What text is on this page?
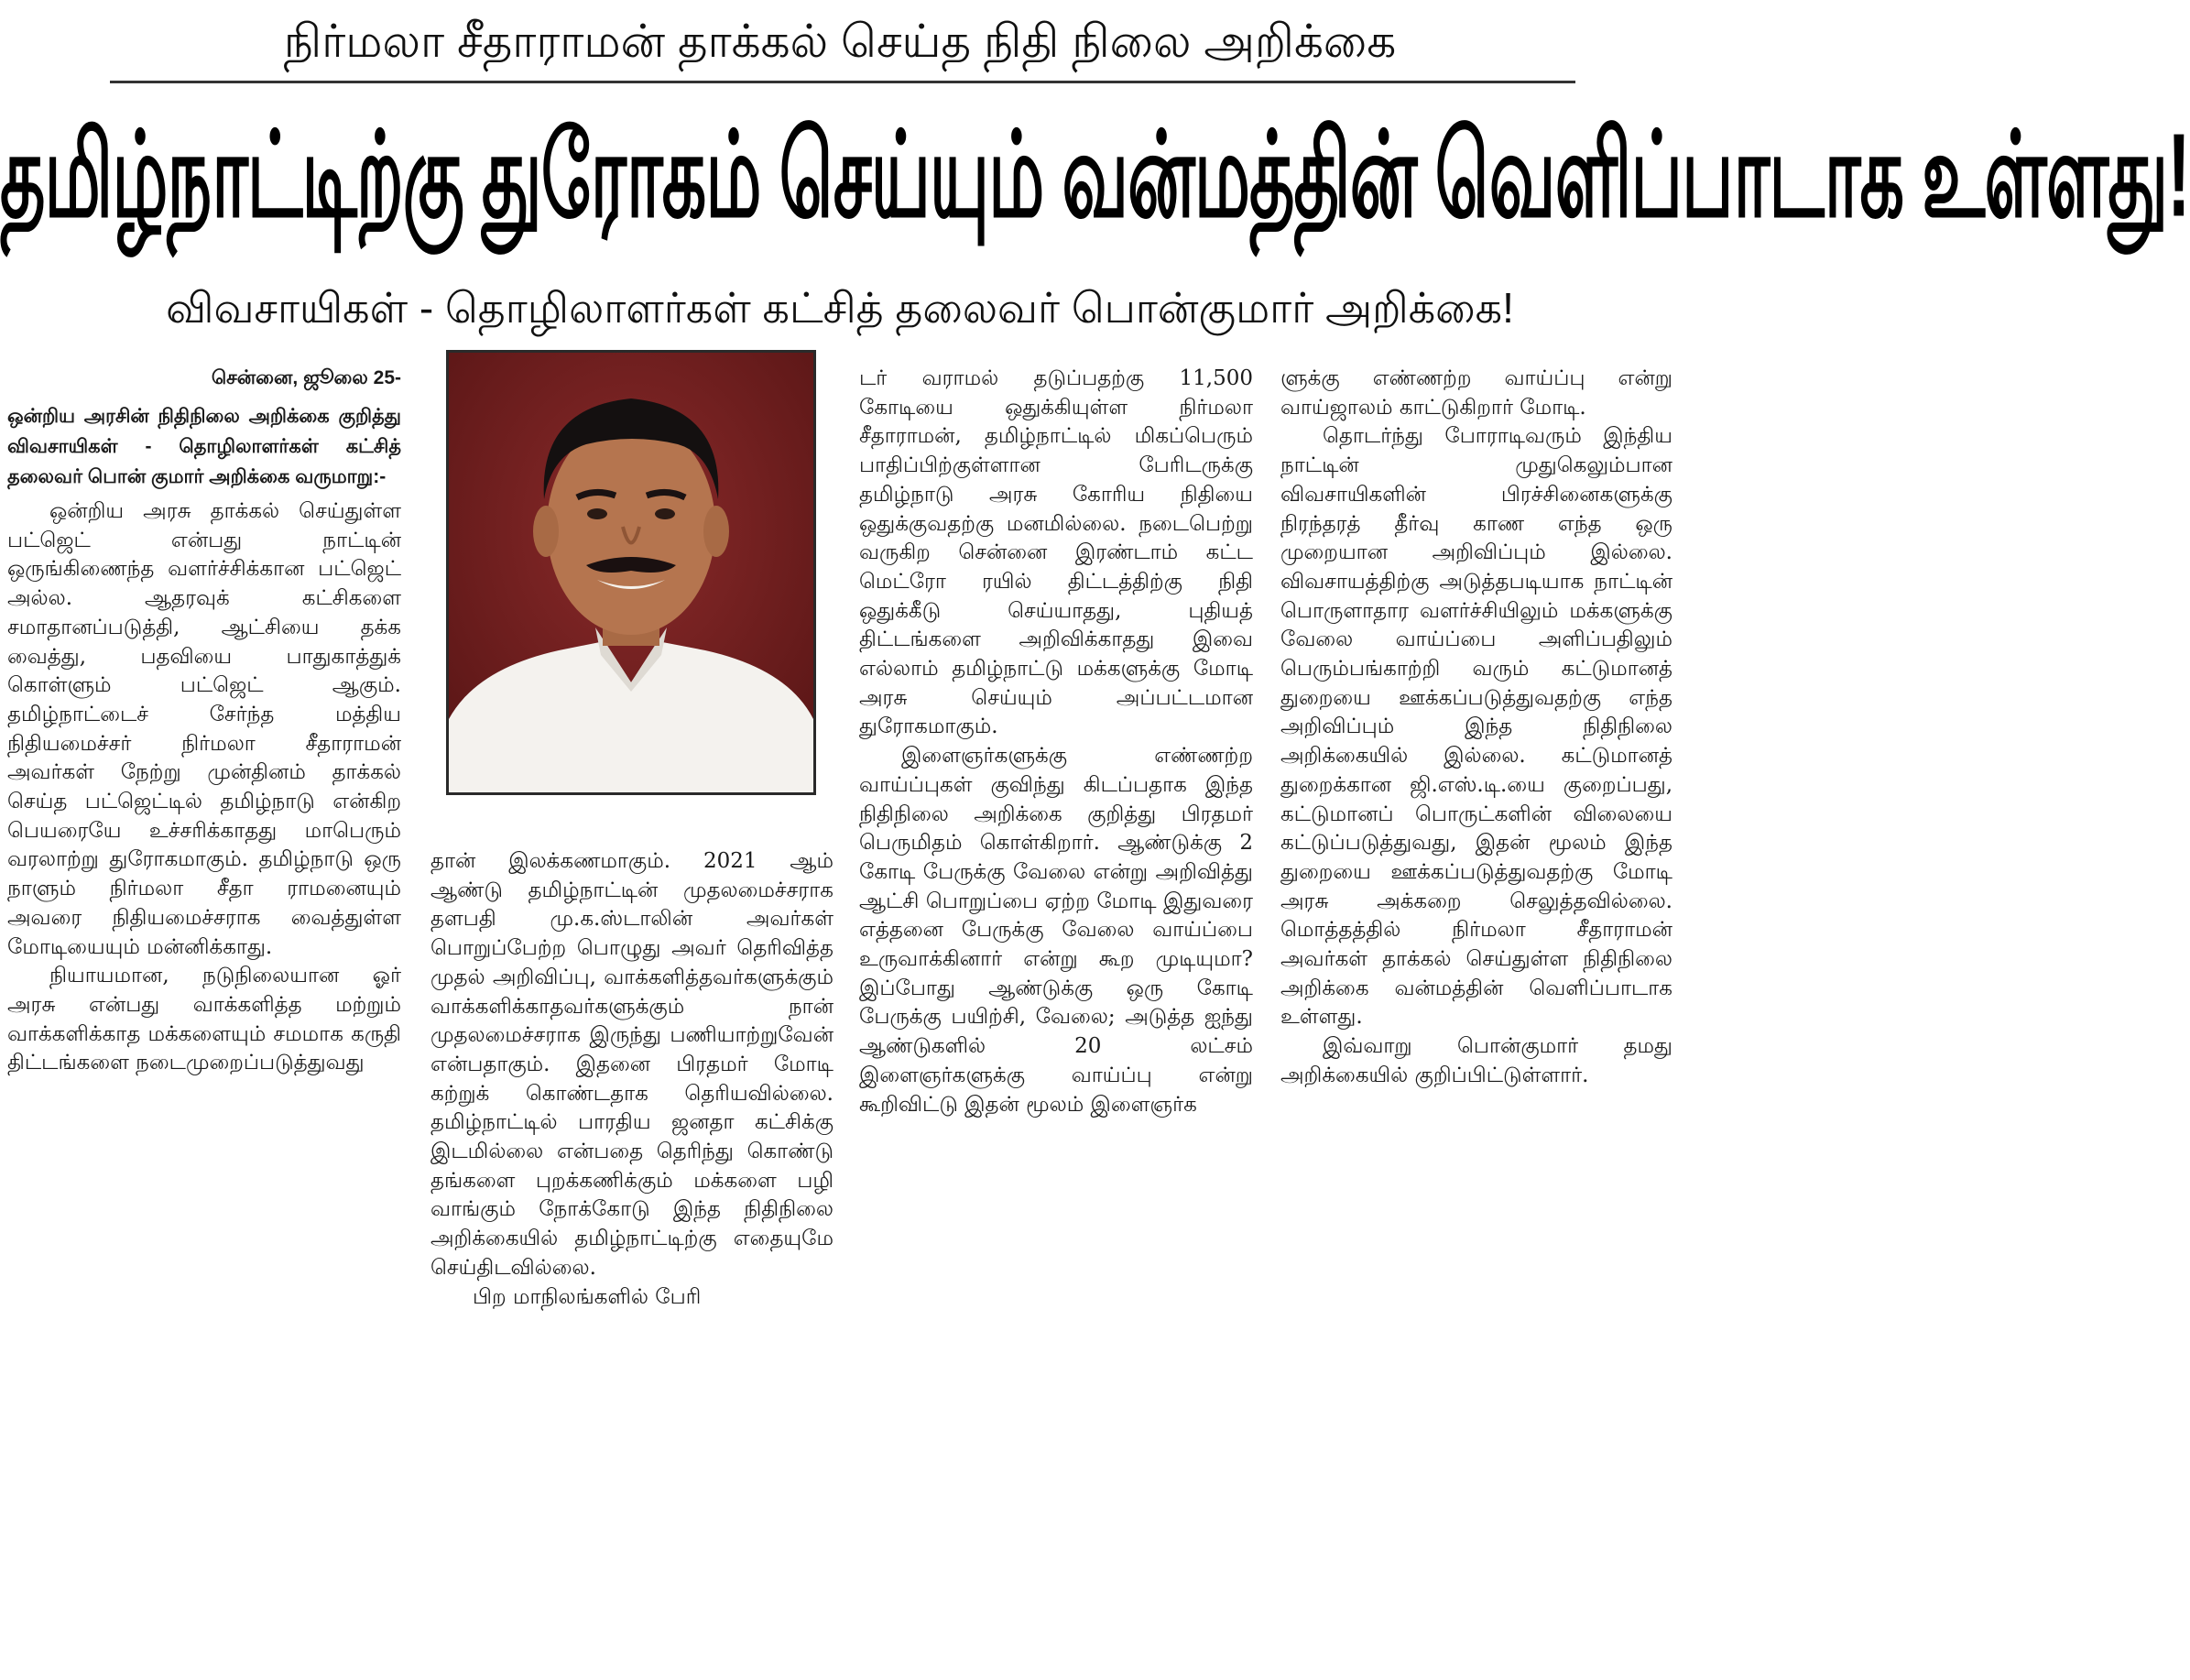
நிர்மலா சீதாராமன் தாக்கல் செய்த நிதி நிலை அறிக்கை
தமிழ்நாட்டிற்கு துரோகம் செய்யும் வன்மத்தின் வெளிப்பாடாக உள்ளது!
விவசாயிகள் - தொழிலாளர்கள் கட்சித் தலைவர் பொன்குமார் அறிக்கை!
சென்னை, ஜூலை 25-

ஒன்றிய அரசின் நிதிநிலை அறிக்கை குறித்து விவசாயிகள் - தொழிலாளர்கள் கட்சித் தலைவர் பொன் குமார் அறிக்கை வருமாறு:-

ஒன்றிய அரசு தாக்கல் செய்துள்ள பட்ஜெட் என்பது நாட்டின் ஒருங்கிணைந்த வளர்ச்சிக்கான பட்ஜெட் அல்ல. ஆதரவுக் கட்சிகளை சமாதானப்படுத்தி, ஆட்சியை தக்க வைத்து, பதவியை பாதுகாத்துக் கொள்ளும் பட்ஜெட் ஆகும். தமிழ்நாட்டைச் சேர்ந்த மத்திய நிதியமைச்சர் நிர்மலா சீதாராமன் அவர்கள் நேற்று முன்தினம் தாக்கல் செய்த பட்ஜெட்டில் தமிழ்நாடு என்கிற பெயரையே உச்சரிக்காதது மாபெரும் வரலாற்று துரோகமாகும். தமிழ்நாடு ஒரு நாளும் நிர்மலா சீதா ராமனையும் அவரை நிதியமைச்சராக வைத்துள்ள மோடியையும் மன்னிக்காது.

நியாயமான, நடுநிலையான ஓர் அரசு என்பது வாக்களித்த மற்றும் வாக்களிக்காத மக்களையும் சமமாக கருதி திட்டங்களை நடைமுறைப்படுத்துவது

தான் இலக்கணமாகும். 2021 ஆம் ஆண்டு தமிழ்நாட்டின் முதலமைச்சராக தளபதி மு.க.ஸ்டாலின் அவர்கள் பொறுப்பேற்ற பொழுது அவர் தெரிவித்த முதல் அறிவிப்பு, வாக்களித்தவர்களுக்கும் வாக்களிக்காதவர்களுக்கும் நான் முதலமைச்சராக இருந்து பணியாற்றுவேன் என்பதாகும். இதனை பிரதமர் மோடி கற்றுக் கொண்டதாக தெரியவில்லை. தமிழ்நாட்டில் பாரதிய ஜனதா கட்சிக்கு இடமில்லை என்பதை தெரிந்து கொண்டு தங்களை புறக்கணிக்கும் மக்களை பழி வாங்கும் நோக்கோடு இந்த நிதிநிலை அறிக்கையில் தமிழ்நாட்டிற்கு எதையுமே செய்திடவில்லை.

பிற மாநிலங்களில் பேரி

டர் வராமல் தடுப்பதற்கு 11,500 கோடியை ஒதுக்கியுள்ள நிர்மலா சீதாராமன், தமிழ்நாட்டில் மிகப்பெரும் பாதிப்பிற்குள்ளான பேரிடருக்கு தமிழ்நாடு அரசு கோரிய நிதியை ஒதுக்குவதற்கு மனமில்லை. நடைபெற்று வருகிற சென்னை இரண்டாம் கட்ட மெட்ரோ ரயில் திட்டத்திற்கு நிதி ஒதுக்கீடு செய்யாதது, புதியத் திட்டங்களை அறிவிக்காதது இவை எல்லாம் தமிழ்நாட்டு மக்களுக்கு மோடி அரசு செய்யும் அப்பட்டமான துரோகமாகும்.

இளைஞர்களுக்கு எண்ணற்ற வாய்ப்புகள் குவிந்து கிடப்பதாக இந்த நிதிநிலை அறிக்கை குறித்து பிரதமர் பெருமிதம் கொள்கிறார். ஆண்டுக்கு 2 கோடி பேருக்கு வேலை என்று அறிவித்து ஆட்சி பொறுப்பை ஏற்ற மோடி இதுவரை எத்தனை பேருக்கு வேலை வாய்ப்பை உருவாக்கினார் என்று கூற முடியுமா? இப்போது ஆண்டுக்கு ஒரு கோடி பேருக்கு பயிற்சி, வேலை; அடுத்த ஐந்து ஆண்டுகளில் 20 லட்சம் இளைஞர்களுக்கு வாய்ப்பு என்று கூறிவிட்டு இதன் மூலம் இளைஞர்க

ளுக்கு எண்ணற்ற வாய்ப்பு என்று வாய்ஜாலம் காட்டுகிறார் மோடி.

தொடர்ந்து போராடிவரும் இந்திய நாட்டின் முதுகெலும்பான விவசாயிகளின் பிரச்சினைகளுக்கு நிரந்தரத் தீர்வு காண எந்த ஒரு முறையான அறிவிப்பும் இல்லை. விவசாயத்திற்கு அடுத்தபடியாக நாட்டின் பொருளாதார வளர்ச்சியிலும் மக்களுக்கு வேலை வாய்ப்பை அளிப்பதிலும் பெரும்பங்காற்றி வரும் கட்டுமானத் துறையை ஊக்கப்படுத்துவதற்கு எந்த அறிவிப்பும் இந்த நிதிநிலை அறிக்கையில் இல்லை. கட்டுமானத் துறைக்கான ஜி.எஸ்.டி.யை குறைப்பது, கட்டுமானப் பொருட்களின் விலையை கட்டுப்படுத்துவது, இதன் மூலம் இந்த துறையை ஊக்கப்படுத்துவதற்கு மோடி அரசு அக்கறை செலுத்தவில்லை. மொத்தத்தில் நிர்மலா சீதாராமன் அவர்கள் தாக்கல் செய்துள்ள நிதிநிலை அறிக்கை வன்மத்தின் வெளிப்பாடாக உள்ளது.

இவ்வாறு பொன்குமார் தமது அறிக்கையில் குறிப்பிட்டுள்ளார்.
